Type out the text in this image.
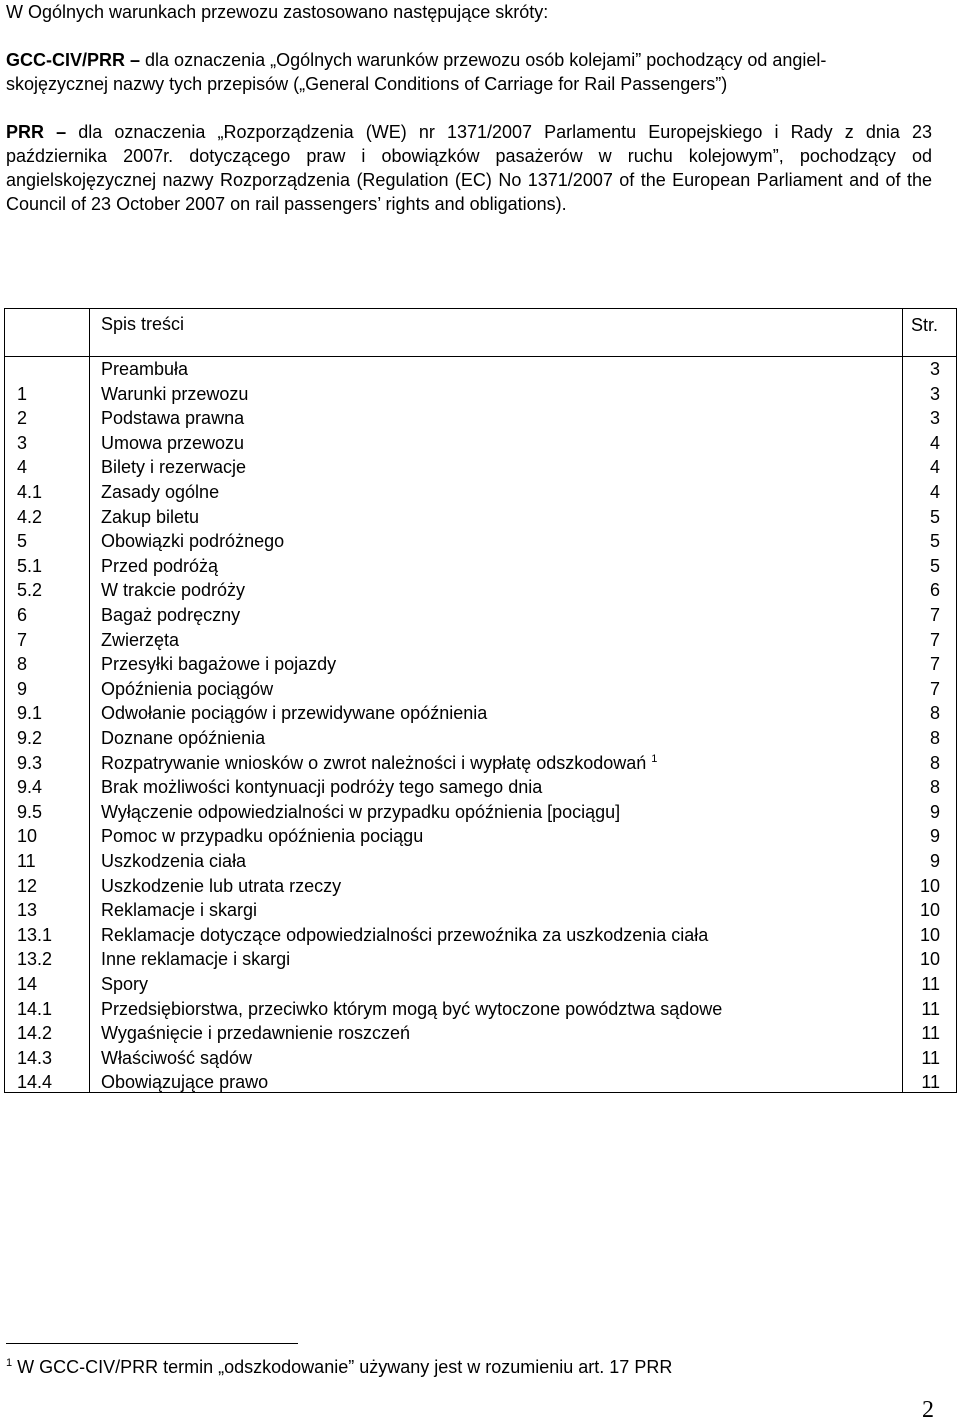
W Ogólnych warunkach przewozu zastosowano następujące skróty:
GCC-CIV/PRR – dla oznaczenia „Ogólnych warunków przewozu osób kolejami” pochodzący od angiel-
skojęzycznej nazwy tych przepisów („General Conditions of Carriage for Rail Passengers”)
PRR – dla oznaczenia „Rozporządzenia (WE) nr 1371/2007 Parlamentu Europejskiego i Rady z dnia 23 października 2007r. dotyczącego praw i obowiązków pasażerów w ruchu kolejowym”, pochodzący od angielskojęzycznej nazwy Rozporządzenia (Regulation (EC) No 1371/2007 of the European Parliament and of the Council of 23 October 2007 on rail passengers’ rights and obligations).
Spis treści	Str.
Preambuła	3
1	Warunki przewozu	3
2	Podstawa prawna	3
3	Umowa przewozu	4
4	Bilety i rezerwacje	4
4.1	Zasady ogólne	4
4.2	Zakup biletu	5
5	Obowiązki podróżnego	5
5.1	Przed podróżą	5
5.2	W trakcie podróży	6
6	Bagaż podręczny	7
7	Zwierzęta	7
8	Przesyłki bagażowe i pojazdy	7
9	Opóźnienia pociągów	7
9.1	Odwołanie pociągów i przewidywane opóźnienia	8
9.2	Doznane opóźnienia	8
9.3	Rozpatrywanie wniosków o zwrot należności i wypłatę odszkodowań $^1$	8
9.4	Brak możliwości kontynuacji podróży tego samego dnia	8
9.5	Wyłączenie odpowiedzialności w przypadku opóźnienia [pociągu]	9
10	Pomoc w przypadku opóźnienia pociągu	9
11	Uszkodzenia ciała	9
12	Uszkodzenie lub utrata rzeczy	10
13	Reklamacje i skargi	10
13.1	Reklamacje dotyczące odpowiedzialności przewoźnika za uszkodzenia ciała	10
13.2	Inne reklamacje i skargi	10
14	Spory	11
14.1	Przedsiębiorstwa, przeciwko którym mogą być wytoczone powództwa sądowe	11
14.2	Wygaśnięcie i przedawnienie roszczeń	11
14.3	Właściwość sądów	11
14.4	Obowiązujące prawo	11
$^1$ W GCC-CIV/PRR termin „odszkodowanie” używany jest w rozumieniu art. 17 PRR
2
